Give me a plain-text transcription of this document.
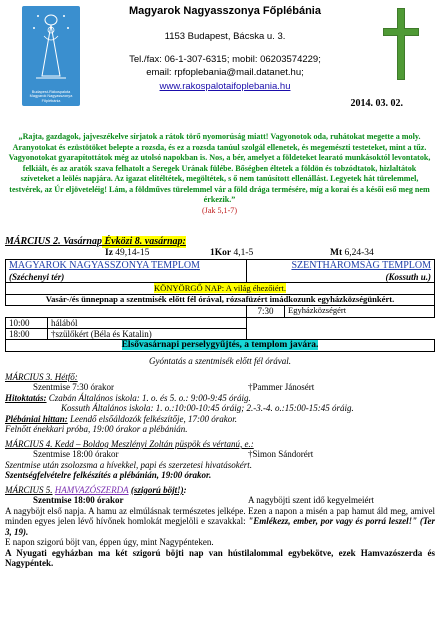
Budapest-Rákospalota Magyarok Nagyasszonya Főplébánia
Magyarok Nagyasszonya Főplébánia
1153 Budapest, Bácska u. 3.
Tel./fax: 06-1-307-6315; mobil: 06203574229;
email: rpfoplebania@mail.datanet.hu;
www.rakospalotaifoplebania.hu
2014. 03. 02.
„Rajta, gazdagok, jajveszékelve sírjatok a rátok törő nyomorúság miatt! Vagyonotok oda, ruhátokat megette a moly. Aranyotokat és ezüstötöket belepte a rozsda, és ez a rozsda tanúul szolgál ellenetek, és megemészti testeteket, mint a tűz. Vagyonotokat gyarapítottátok még az utolsó napokban is. Nos, a bér, amelyet a földeteket learató munkásoktól levontatok, felkiált, és az aratók szava felhatolt a Seregek Urának fülébe. Bőségben éltetek a földön és tobzódtatok, hizlaltátok szíveteket a leölés napjára. Az igazat elítéltétek, megöltétek, s ő nem tanúsított ellenállást. Legyetek hát türelemmel, testvérek, az Úr eljöveteléig! Lám, a földműves türelemmel vár a föld drága termésére, míg a korai és a késői eső meg nem érkezik.”
(Jak 5,1-7)
MÁRCIUS 2. Vasárnap Évközi 8. vasárnap:
Iz 49,14-15	1Kor 4,1-5	Mt 6,24-34
MAGYAROK NAGYASSZONYA TEMPLOM		SZENTHÁROMSÁG TEMPLOM	
(Széchenyi tér)		(Kossuth u.)	
KÖNYÖRGŐ NAP: A világ éhezőiért.			
Vasár-/és ünnepnap a szentmisék előtt fél órával, rózsafüzért imádkozunk egyházközségünkért.			
		7:30	Egyházközségért
10:00	hálából		
18:00	†szülőkért (Béla és Katalin)		
Elsővasárnapi perselygyűjtés, a templom javára.			
Gyóntatás a szentmisék előtt fél órával.
MÁRCIUS 3. Hétfő:
Szentmise 7:30 órakor	†Pammer Jánosért
Hitoktatás:
Czabán Általános iskola : 1. o. és 5. o.: 9:00-9:45 óráig.
Kossuth Általános iskola : 1. o.:10:00-10:45 óráig; 2.-3.-4. o.:15:00-15:45 óráig.
Plébániai hittan:
Leendő elsőáldozók felkészítője, 17:00 órakor.
Felnőtt énekkari próba, 19:00 órakor a plébánián.
MÁRCIUS 4. Kedd – Boldog Meszlényi Zoltán püspök és vértanú, e.:
Szentmise 18:00 órakor	†Simon Sándorért
Szentmise után zsolozsma a hívekkel, papi és szerzetesi hivatásokért.
Szentségfelvételre felkészítés a plébánián, 19:00 órakor.
MÁRCIUS 5.
HAMVAZÓSZERDA
(szigorú böjt!) :
Szentmise 18:00 órakor	A nagyböjti szent idő kegyelmeiért
A nagyböjt első napja. A hamu az elmúlásnak természetes jelképe. Ezen a napon a misén a pap hamut áld meg, amivel minden egyes jelen lévő hívőnek homlokát megjelöli e szavakkal: "Emlékezz, ember, por vagy és porrá leszel!" (Ter 3, 19).
E napon szigorú böjt van, éppen úgy, mint Nagypénteken.
A Nyugati egyházban ma két szigorú böjti nap van hústilalommal egybekötve, ezek Hamvazószerda és Nagypéntek.
